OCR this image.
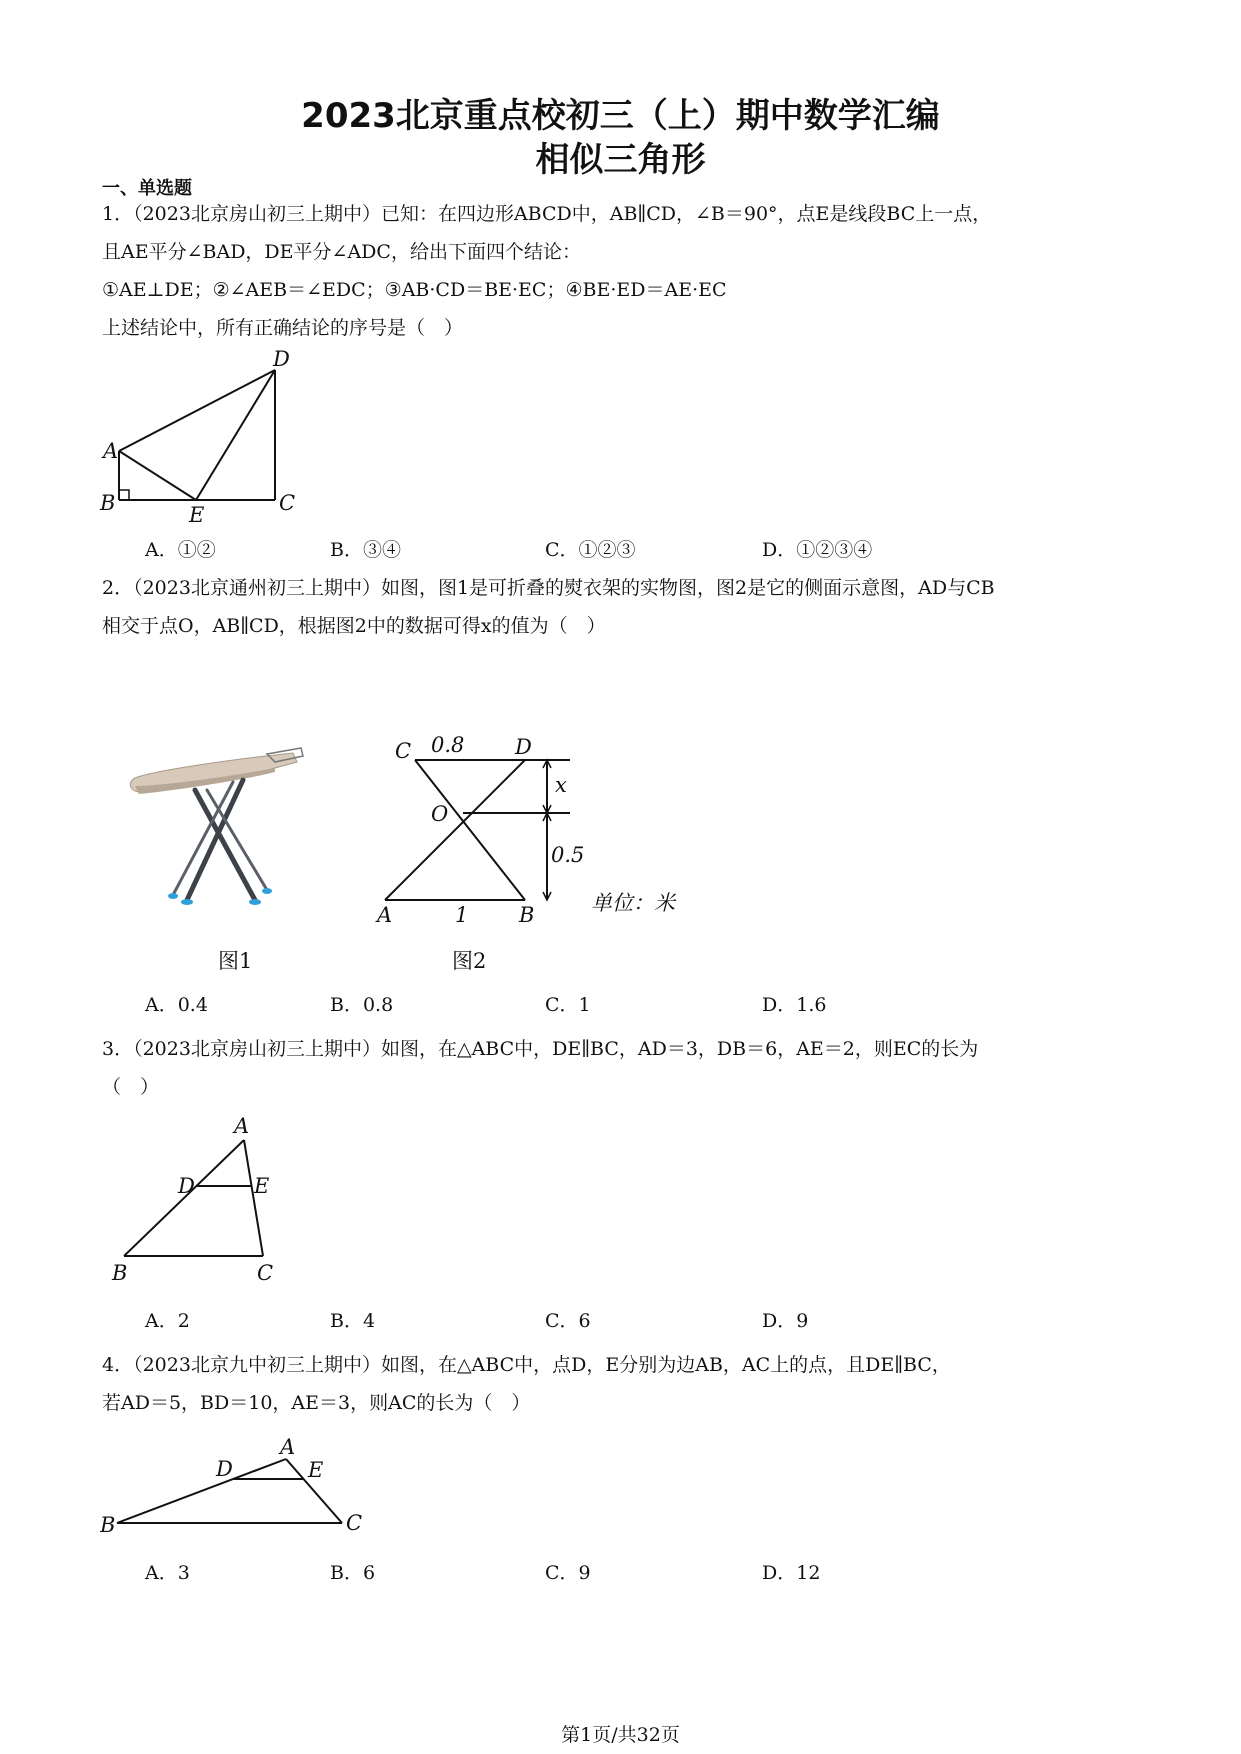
2023北京重点校初三（上）期中数学汇编
相似三角形
一、单选题
1．（2023北京房山初三上期中）已知：在四边形ABCD中，AB∥CD，∠B＝90°，点E是线段BC上一点，
且AE平分∠BAD，DE平分∠ADC，给出下面四个结论：
①AE⊥DE；②∠AEB＝∠EDC；③AB·CD＝BE·EC；④BE·ED＝AE·EC
上述结论中，所有正确结论的序号是（　）
A
B	C
D
E
A．①②	B．③④	C．①②③	D．①②③④
2．（2023北京通州初三上期中）如图，图1是可折叠的熨衣架的实物图，图2是它的侧面示意图，AD与CB
相交于点O，AB∥CD，根据图2中的数据可得x的值为（　）
图1
C	D
0.8
O
x
0.5
A	1 B	单位：米
图2
A．0.4	B．0.8	C．1	D．1.6
3．（2023北京房山初三上期中）如图，在△ABC中，DE∥BC，AD＝3，DB＝6，AE＝2，则EC的长为
（　）
A
D	E
B	C
A．2	B．4	C．6	D．9
4．（2023北京九中初三上期中）如图，在△ABC中，点D，E分别为边AB，AC上的点，且DE∥BC，
若AD＝5，BD＝10，AE＝3，则AC的长为（　）
A
D	E
B	C
A．3	B．6	C．9	D．12
第1页/共32页
